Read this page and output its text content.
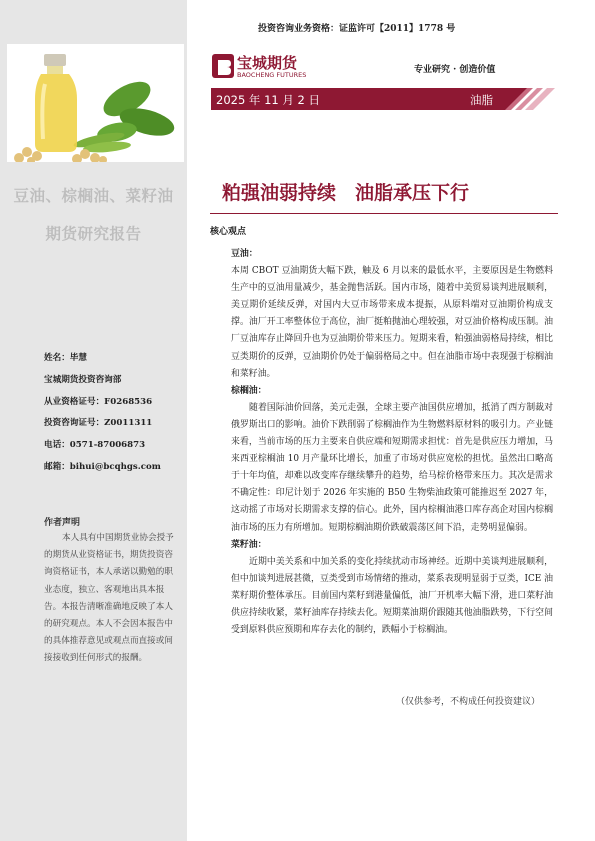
豆油、棕榈油、菜籽油
期货研究报告
姓名：毕慧
宝城期货投资咨询部
从业资格证号：F0268536
投资咨询证号：Z0011311
电话：0571-87006873
邮箱：bihui@bcqhgs.com
作者声明
本人具有中国期货业协会授予的期货从业资格证书，期货投资咨询资格证书，本人承诺以勤勉的职业态度，独立、客观地出具本报告。本报告清晰准确地反映了本人的研究观点。本人不会因本报告中的具体推荐意见或观点而直接或间接接收到任何形式的报酬。
投资咨询业务资格：证监许可【2011】1778 号
宝城期货
BAOCHENG FUTURES	专业研究 · 创造价值
2025 年 11 月 2 日	油脂
粕强油弱持续　油脂承压下行
核心观点
豆油：

本周 CBOT 豆油期货大幅下跌，触及 6 月以来的最低水平，主要原因是生物燃料生产中的豆油用量减少，基金抛售活跃。国内市场，随着中美贸易谈判进展顺利，美豆期价延续反弹，对国内大豆市场带来成本提振，从原料端对豆油期价构成支撑。油厂开工率整体位于高位，油厂挺粕抛油心理较强，对豆油价格构成压制。油厂豆油库存止降回升也为豆油期价带来压力。短期来看，粕强油弱格局持续，相比豆类期价的反弹，豆油期价仍处于偏弱格局之中。但在油脂市场中表现强于棕榈油和菜籽油。

棕榈油：

随着国际油价回落，美元走强，全球主要产油国供应增加，抵消了西方制裁对俄罗斯出口的影响。油价下跌削弱了棕榈油作为生物燃料原材料的吸引力。产业链来看，当前市场的压力主要来自供应端和短期需求担忧：首先是供应压力增加，马来西亚棕榈油 10 月产量环比增长，加重了市场对供应宽松的担忧。虽然出口略高于十年均值，却难以改变库存继续攀升的趋势，给马棕价格带来压力。其次是需求不确定性：印尼计划于 2026 年实施的 B50 生物柴油政策可能推迟至 2027 年，这动摇了市场对长期需求支撑的信心。此外，国内棕榈油港口库存高企对国内棕榈油市场的压力有所增加。短期棕榈油期价跌破震荡区间下沿，走势明显偏弱。

菜籽油：

近期中美关系和中加关系的变化持续扰动市场神经。近期中美谈判进展顺利，但中加谈判进展甚微，豆类受到市场情绪的推动，菜系表现明显弱于豆类，ICE 油菜籽期价整体承压。目前国内菜籽到港量偏低，油厂开机率大幅下滑，进口菜籽油供应持续收紧，菜籽油库存持续去化。短期菜油期价跟随其他油脂跌势，下行空间受到原料供应预期和库存去化的制约，跌幅小于棕榈油。

（仅供参考，不构成任何投资建议）
